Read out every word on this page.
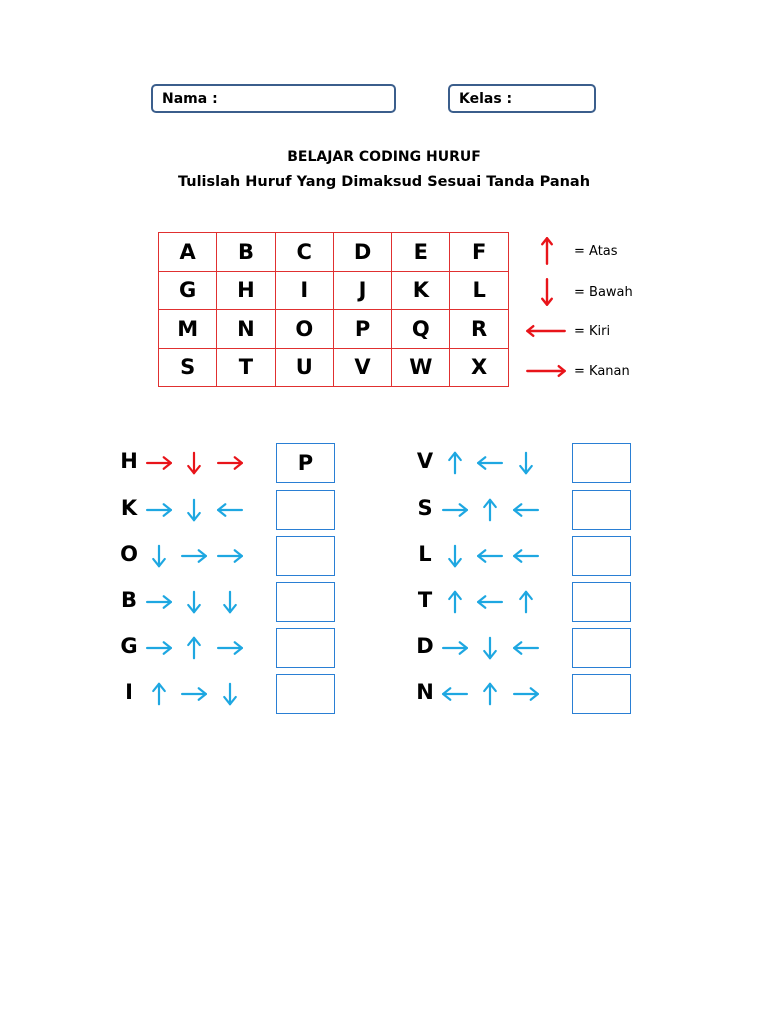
Nama :	Kelas :
BELAJAR CODING HURUF
Tulislah Huruf Yang Dimaksud Sesuai Tanda Panah
A	B	C	D	E	F
G	H	I	J	K	L
M	N	O	P	Q	R
S	T	U	V	W	X
= Atas
= Bawah
= Kiri
= Kanan
H	P
K
O
B
G
I
V
S
L
T
D
N
